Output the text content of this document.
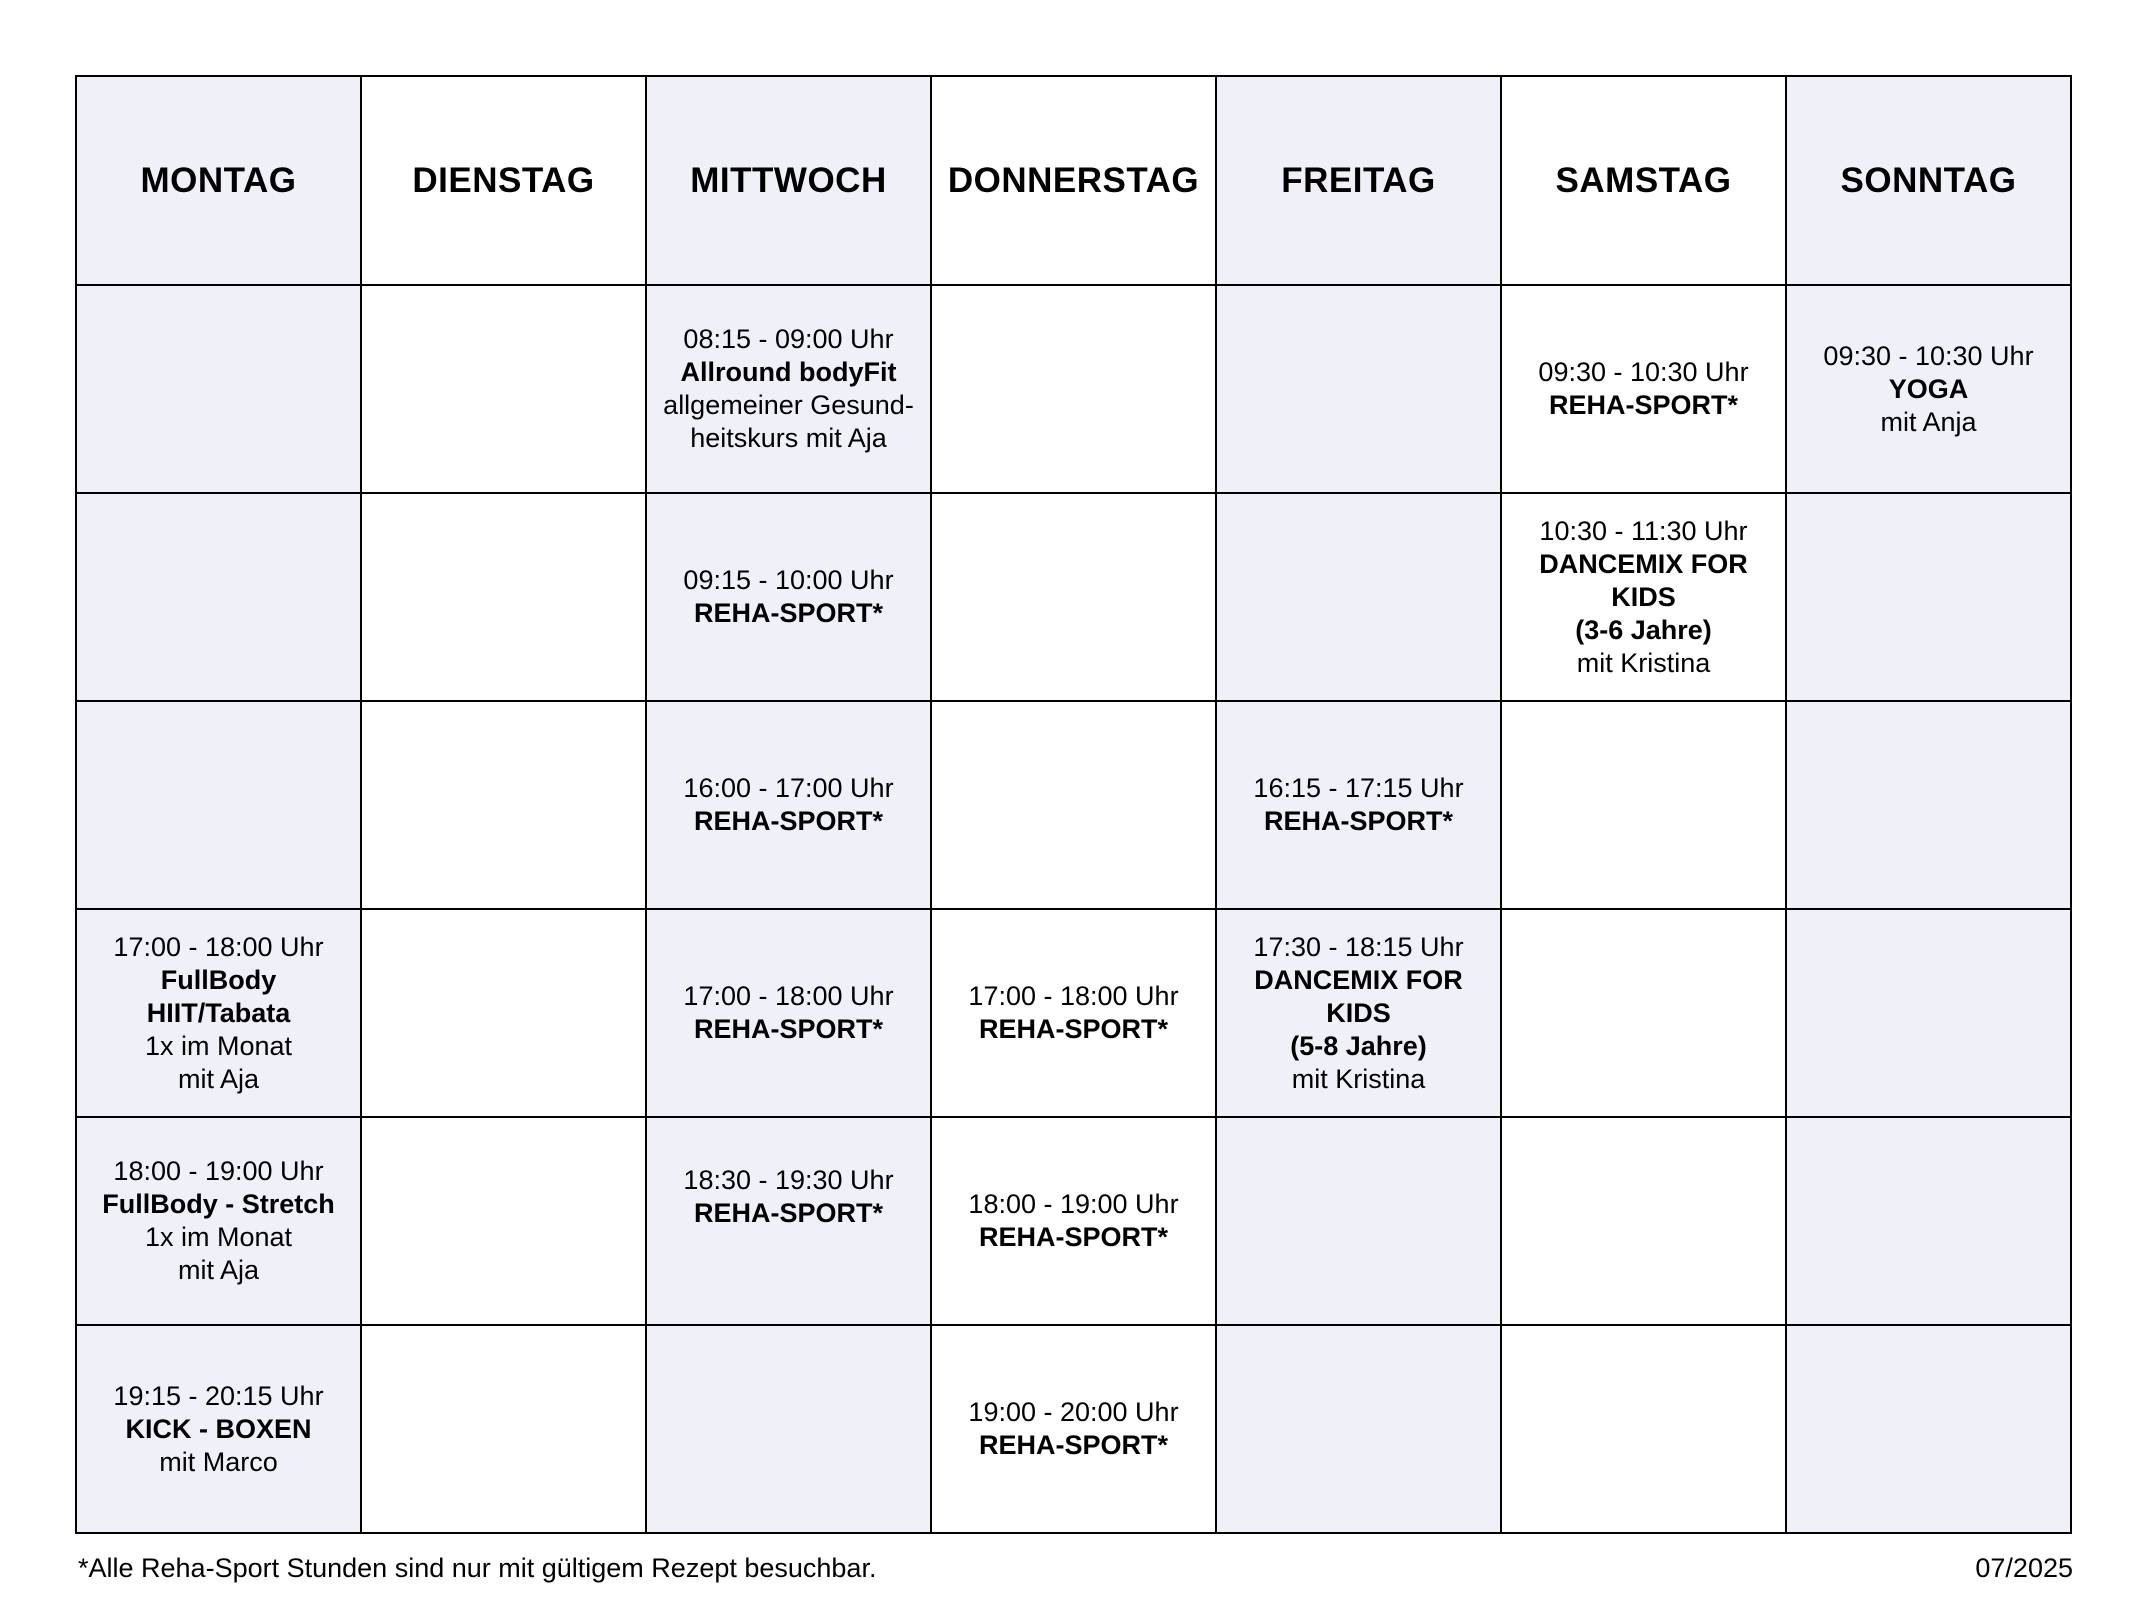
MONTAG	DIENSTAG	MITTWOCH	DONNERSTAG	FREITAG	SAMSTAG	SONNTAG

		08:15 - 09:00 Uhr
Allround bodyFit
allgemeiner Gesund-
heitskurs mit Aja			09:30 - 10:30 Uhr
REHA-SPORT*	09:30 - 10:30 Uhr
YOGA
mit Anja

		09:15 - 10:00 Uhr
REHA-SPORT*			10:30 - 11:30 Uhr
DANCEMIX FOR KIDS
(3-6 Jahre)
mit Kristina	

		16:00 - 17:00 Uhr
REHA-SPORT*		16:15 - 17:15 Uhr
REHA-SPORT*		

17:00 - 18:00 Uhr
FullBody
HIIT/Tabata
1x im Monat
mit Aja		17:00 - 18:00 Uhr
REHA-SPORT*	17:00 - 18:00 Uhr
REHA-SPORT*	17:30 - 18:15 Uhr
DANCEMIX FOR KIDS
(5-8 Jahre)
mit Kristina		

18:00 - 19:00 Uhr
FullBody - Stretch
1x im Monat
mit Aja		18:30 - 19:30 Uhr
REHA-SPORT*	18:00 - 19:00 Uhr
REHA-SPORT*			

19:15 - 20:15 Uhr
KICK - BOXEN
mit Marco			19:00 - 20:00 Uhr
REHA-SPORT*			

*Alle Reha-Sport Stunden sind nur mit gültigem Rezept besuchbar.	07/2025
